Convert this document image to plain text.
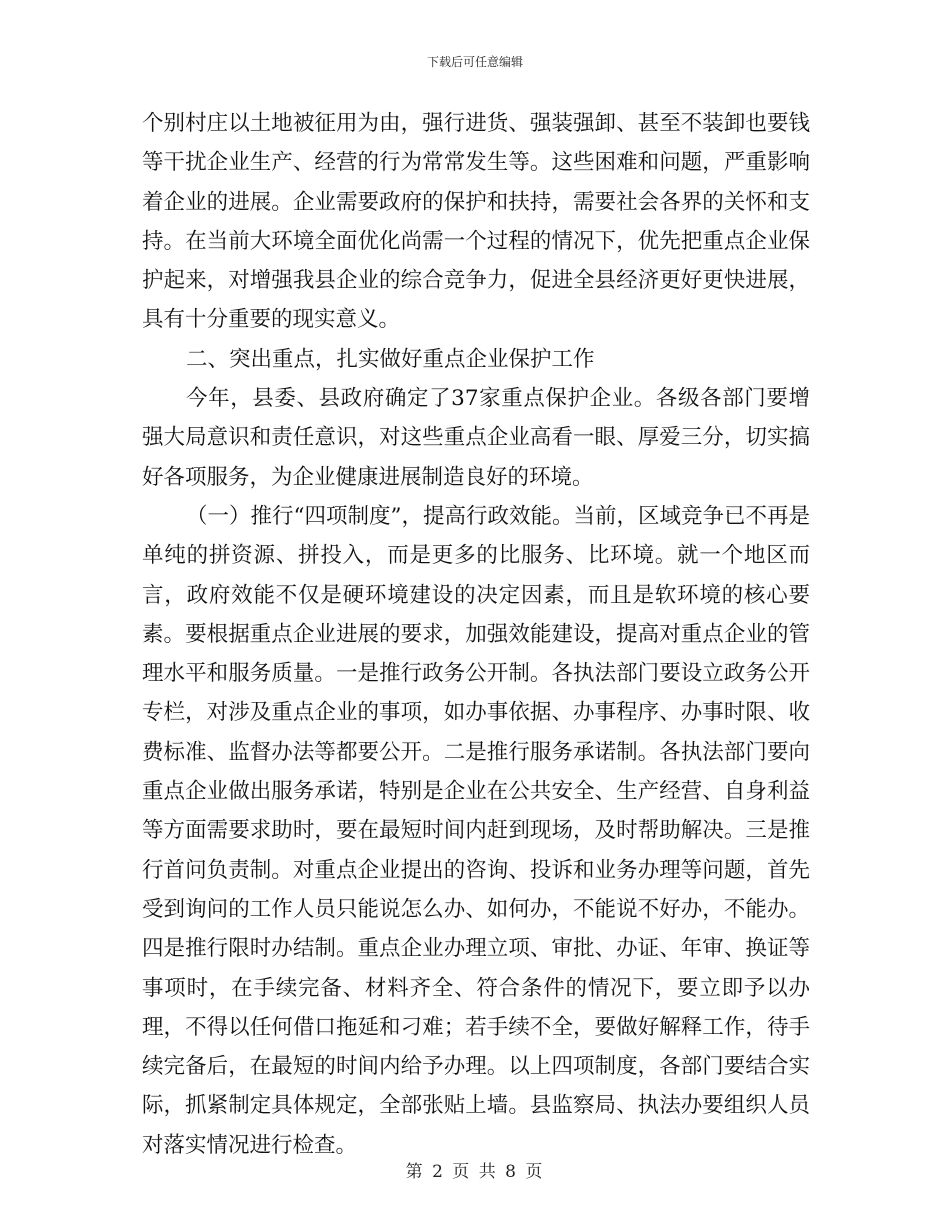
下载后可任意编辑

个别村庄以土地被征用为由，强行进货、强装强卸、甚至不装卸也要钱等干扰企业生产、经营的行为常常发生等。这些困难和问题，严重影响着企业的进展。企业需要政府的保护和扶持，需要社会各界的关怀和支持。在当前大环境全面优化尚需一个过程的情况下，优先把重点企业保护起来，对增强我县企业的综合竞争力，促进全县经济更好更快进展，具有十分重要的现实意义。

二、突出重点，扎实做好重点企业保护工作

今年，县委、县政府确定了37家重点保护企业。各级各部门要增强大局意识和责任意识，对这些重点企业高看一眼、厚爱三分，切实搞好各项服务，为企业健康进展制造良好的环境。

（一）推行“四项制度”，提高行政效能。当前，区域竞争已不再是单纯的拼资源、拼投入，而是更多的比服务、比环境。就一个地区而言，政府效能不仅是硬环境建设的决定因素，而且是软环境的核心要素。要根据重点企业进展的要求，加强效能建设，提高对重点企业的管理水平和服务质量。一是推行政务公开制。各执法部门要设立政务公开专栏，对涉及重点企业的事项，如办事依据、办事程序、办事时限、收费标准、监督办法等都要公开。二是推行服务承诺制。各执法部门要向重点企业做出服务承诺，特别是企业在公共安全、生产经营、自身利益等方面需要求助时，要在最短时间内赶到现场，及时帮助解决。三是推行首问负责制。对重点企业提出的咨询、投诉和业务办理等问题，首先受到询问的工作人员只能说怎么办、如何办，不能说不好办，不能办。四是推行限时办结制。重点企业办理立项、审批、办证、年审、换证等事项时，在手续完备、材料齐全、符合条件的情况下，要立即予以办理，不得以任何借口拖延和刁难；若手续不全，要做好解释工作，待手续完备后，在最短的时间内给予办理。以上四项制度，各部门要结合实际，抓紧制定具体规定，全部张贴上墙。县监察局、执法办要组织人员对落实情况进行检查。

第 2 页 共 8 页
